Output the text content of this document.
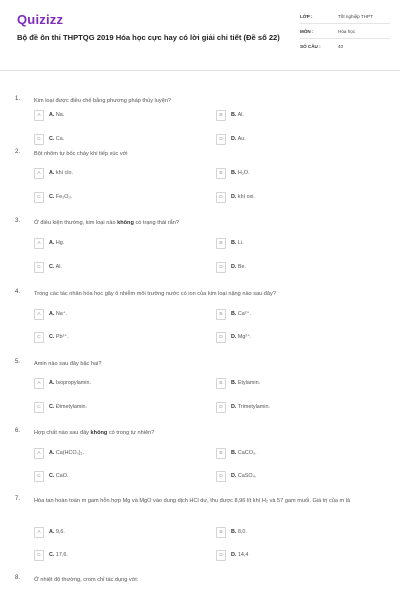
Quizizz
Bộ đề ôn thi THPTQG 2019 Hóa học cực hay có lời giải chi tiết (Đề số 22)
LỚP :	Tốt nghiệp THPT
MÔN :	Hóa học
SỐ CÂU :	40
1. Kim loại được điều chế bằng phương pháp thủy luyện?
A	A. Na.	B	B. Al.
C	C. Ca.	D	D. Au.
2. Bột nhôm tự bốc cháy khi tiếp xúc với
A	A. khí clo.	B	B. H₂O.
C	C. Fe₂O₃.	D	D. khí oxi.
3. Ở điều kiện thường, kim loại nào không có trạng thái rắn?
A	A. Hg.	B	B. Li.
C	C. Al.	D	D. Be.
4. Trong các tác nhân hóa học gây ô nhiễm môi trường nước có ion của kim loại nặng nào sau đây?
A	A. Na⁺.	B	B. Ca²⁺.
C	C. Pb²⁺.	D	D. Mg²⁺.
5. Amin nào sau đây bậc hai?
A	A. Isopropylamin.	B	B. Etylamin.
C	C. Đimetylamin.	D	D. Trimetylamin.
6. Hợp chất nào sau đây không có trong tự nhiên?
A	A. Ca(HCO₃)₂.	B	B. CaCO₃.
C	C. CaO.	D	D. CaSO₄.
7. Hòa tan hoàn toàn m gam hỗn hợp Mg và MgO vào dung dịch HCl dư, thu được 8,96 lít khí H₂ và 57 gam muối. Giá trị của m là
A	A. 9,6.	B	B. 8,0.
C	C. 17,6.	D	D. 14,4
8. Ở nhiệt độ thường, crom chỉ tác dụng với:
